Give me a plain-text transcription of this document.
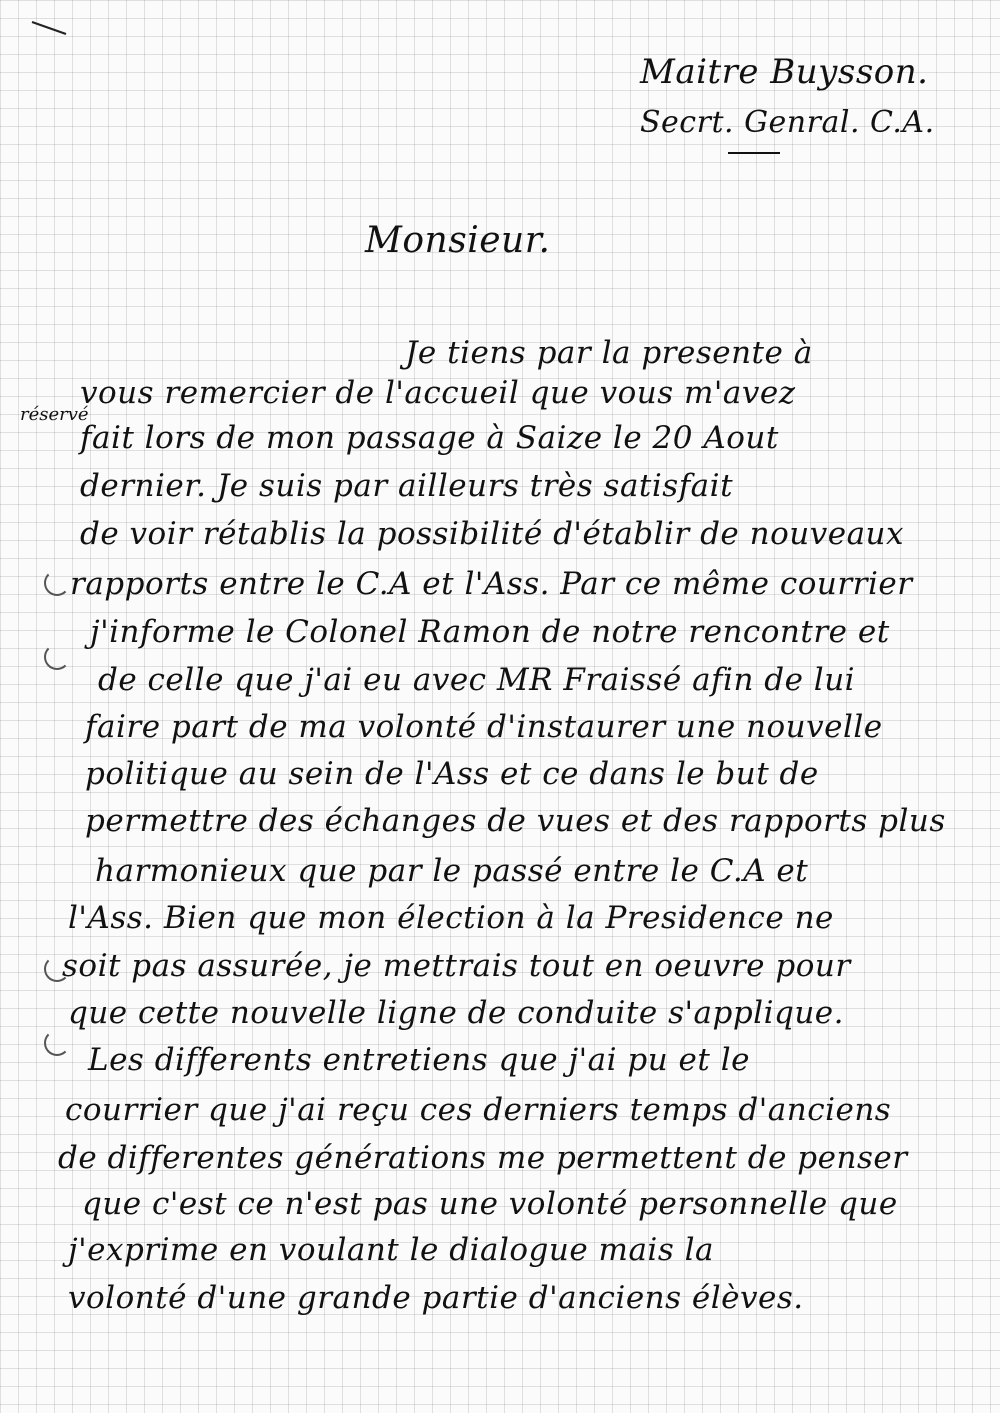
Maitre Buysson.
Secrt. Genral. C.A.
Monsieur.
réservé
Je tiens par la presente à
vous remercier de l'accueil que vous m'avez
fait lors de mon passage à Saize le 20 Aout
dernier. Je suis par ailleurs très satisfait
de voir rétablis la possibilité d'établir de nouveaux
rapports entre le C.A et l'Ass. Par ce même courrier
j'informe le Colonel Ramon de notre rencontre et
de celle que j'ai eu avec MR Fraissé afin de lui
faire part de ma volonté d'instaurer une nouvelle
politique au sein de l'Ass et ce dans le but de
permettre des échanges de vues et des rapports plus
harmonieux que par le passé entre le C.A et
l'Ass. Bien que mon élection à la Presidence ne
soit pas assurée, je mettrais tout en oeuvre pour
que cette nouvelle ligne de conduite s'applique.
Les differents entretiens que j'ai pu et le
courrier que j'ai reçu ces derniers temps d'anciens
de differentes générations me permettent de penser
que c'est ce n'est pas une volonté personnelle que
j'exprime en voulant le dialogue mais la
volonté d'une grande partie d'anciens élèves.
